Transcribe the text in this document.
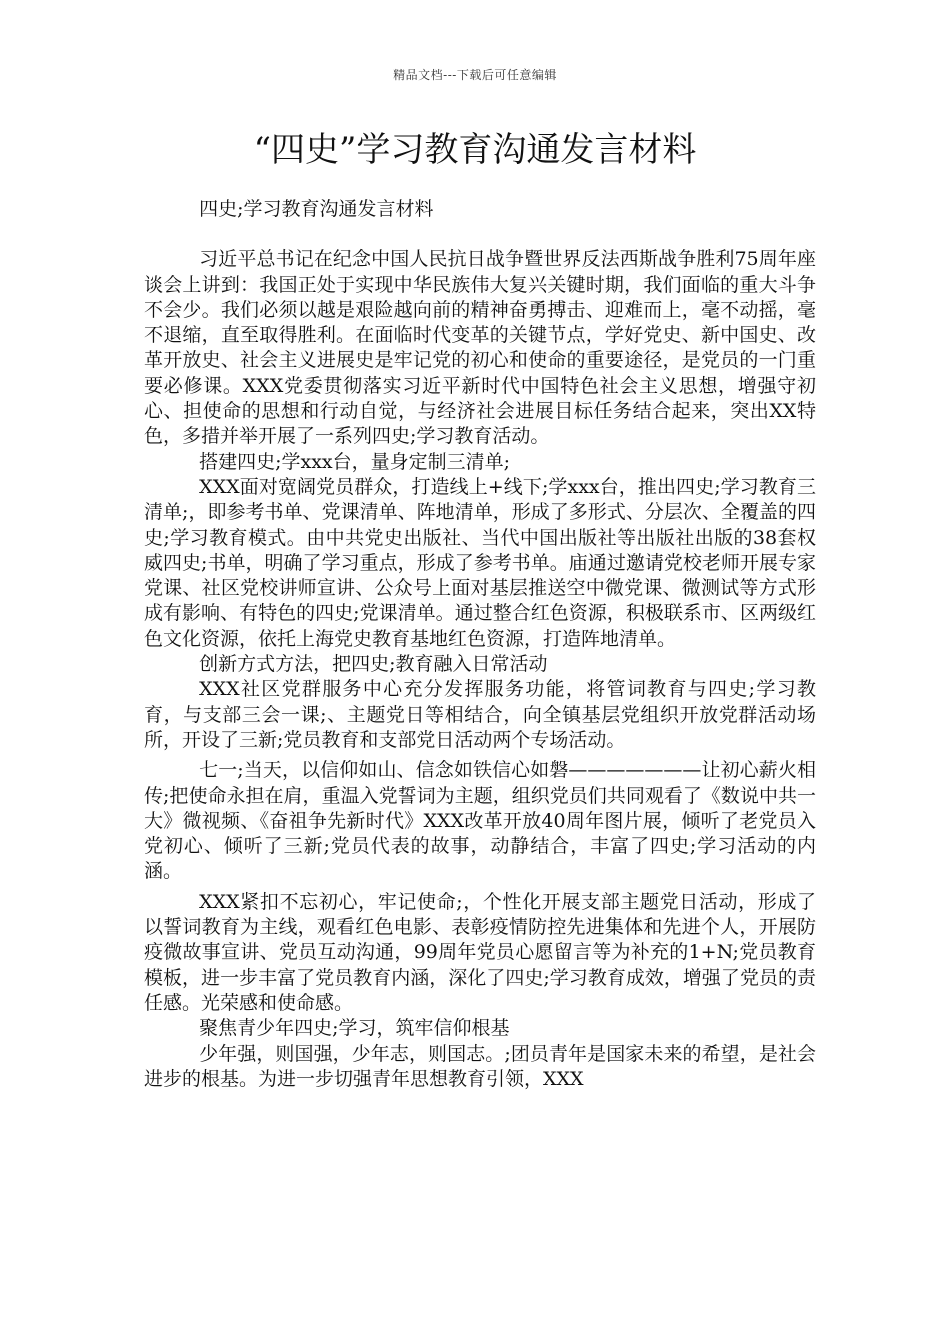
精品文档---下载后可任意编辑
“四史”学习教育沟通发言材料

四史;学习教育沟通发言材料

习近平总书记在纪念中国人民抗日战争暨世界反法西斯战争胜利75周年座谈会上讲到：我国正处于实现中华民族伟大复兴关键时期，我们面临的重大斗争不会少。我们必须以越是艰险越向前的精神奋勇搏击、迎难而上，毫不动摇，毫不退缩，直至取得胜利。在面临时代变革的关键节点，学好党史、新中国史、改革开放史、社会主义进展史是牢记党的初心和使命的重要途径，是党员的一门重要必修课。XXX党委贯彻落实习近平新时代中国特色社会主义思想，增强守初心、担使命的思想和行动自觉，与经济社会进展目标任务结合起来，突出XX特色，多措并举开展了一系列四史;学习教育活动。

搭建四史;学xxx台，量身定制三清单;

XXX面对宽阔党员群众，打造线上+线下;学xxx台，推出四史;学习教育三清单;，即参考书单、党课清单、阵地清单，形成了多形式、分层次、全覆盖的四史;学习教育模式。由中共党史出版社、当代中国出版社等出版社出版的38套权威四史;书单，明确了学习重点，形成了参考书单。庙通过邀请党校老师开展专家党课、社区党校讲师宣讲、公众号上面对基层推送空中微党课、微测试等方式形成有影响、有特色的四史;党课清单。通过整合红色资源，积极联系市、区两级红色文化资源，依托上海党史教育基地红色资源，打造阵地清单。

创新方式方法，把四史;教育融入日常活动

XXX社区党群服务中心充分发挥服务功能，将管词教育与四史;学习教育，与支部三会一课;、主题党日等相结合，向全镇基层党组织开放党群活动场所，开设了三新;党员教育和支部党日活动两个专场活动。

七一;当天，以信仰如山、信念如铁信心如磐———————让初心薪火相传;把使命永担在肩，重温入党誓词为主题，组织党员们共同观看了《数说中共一大》微视频、《奋祖争先新时代》XXX改革开放40周年图片展，倾听了老党员入党初心、倾听了三新;党员代表的故事，动静结合，丰富了四史;学习活动的内涵。

XXX紧扣不忘初心，牢记使命;，个性化开展支部主题党日活动，形成了以誓词教育为主线，观看红色电影、表彰疫情防控先进集体和先进个人，开展防疫微故事宣讲、党员互动沟通，99周年党员心愿留言等为补充的1+N;党员教育模板，进一步丰富了党员教育内涵，深化了四史;学习教育成效，增强了党员的责任感。光荣感和使命感。

聚焦青少年四史;学习，筑牢信仰根基

少年强，则国强，少年志，则国志。;团员青年是国家未来的希望，是社会进步的根基。为进一步切强青年思想教育引领，XXX
